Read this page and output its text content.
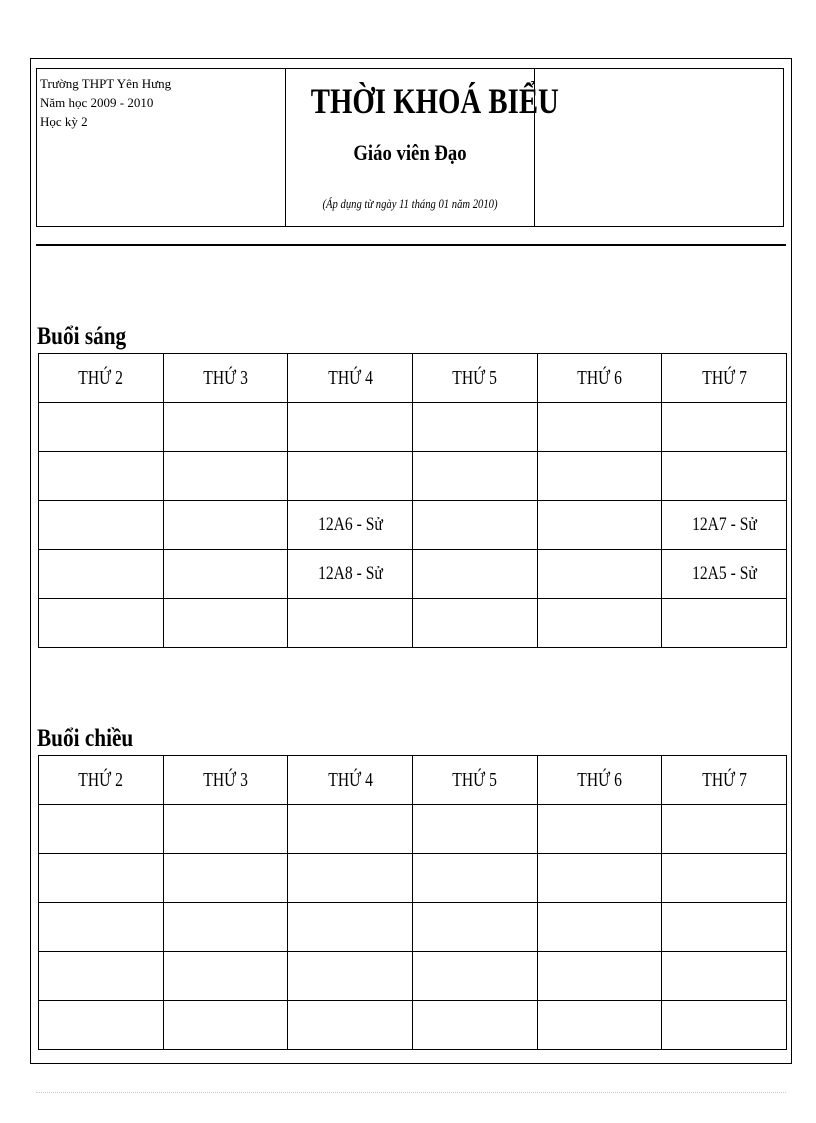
Trường THPT Yên Hưng
Năm học 2009 - 2010
Học kỳ 2
THỜI KHOÁ BIỂU
Giáo viên Đạo
(Áp dụng từ ngày 11 tháng 01 năm 2010)
Buổi sáng
THỨ 2	THỨ 3	THỨ 4	THỨ 5	THỨ 6	THỨ 7

		12A6 - Sử			12A7 - Sử
		12A8 - Sử			12A5 - Sử

Buổi chiều
THỨ 2	THỨ 3	THỨ 4	THỨ 5	THỨ 6	THỨ 7
